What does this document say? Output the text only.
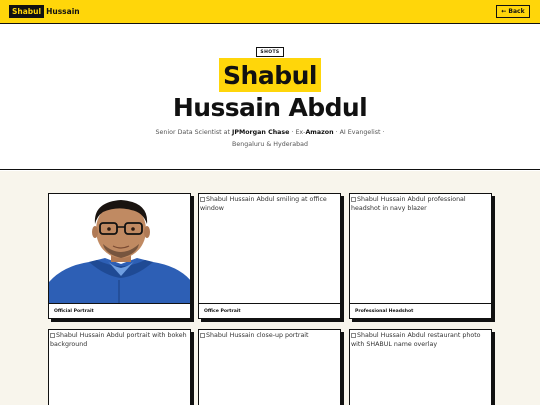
Shabul Hussain	← Back
SHOTS
Shabul
Hussain Abdul
Senior Data Scientist at JPMorgan Chase · Ex-Amazon · AI Evangelist ·
Bengaluru & Hyderabad
Official Portrait
Shabul Hussain Abdul smiling at office window
Office Portrait
Shabul Hussain Abdul professional headshot in navy blazer
Professional Headshot
Shabul Hussain Abdul portrait with bokeh background
Shabul Hussain close-up portrait	Shabul Hussain Abdul restaurant photo with SHABUL name overlay
